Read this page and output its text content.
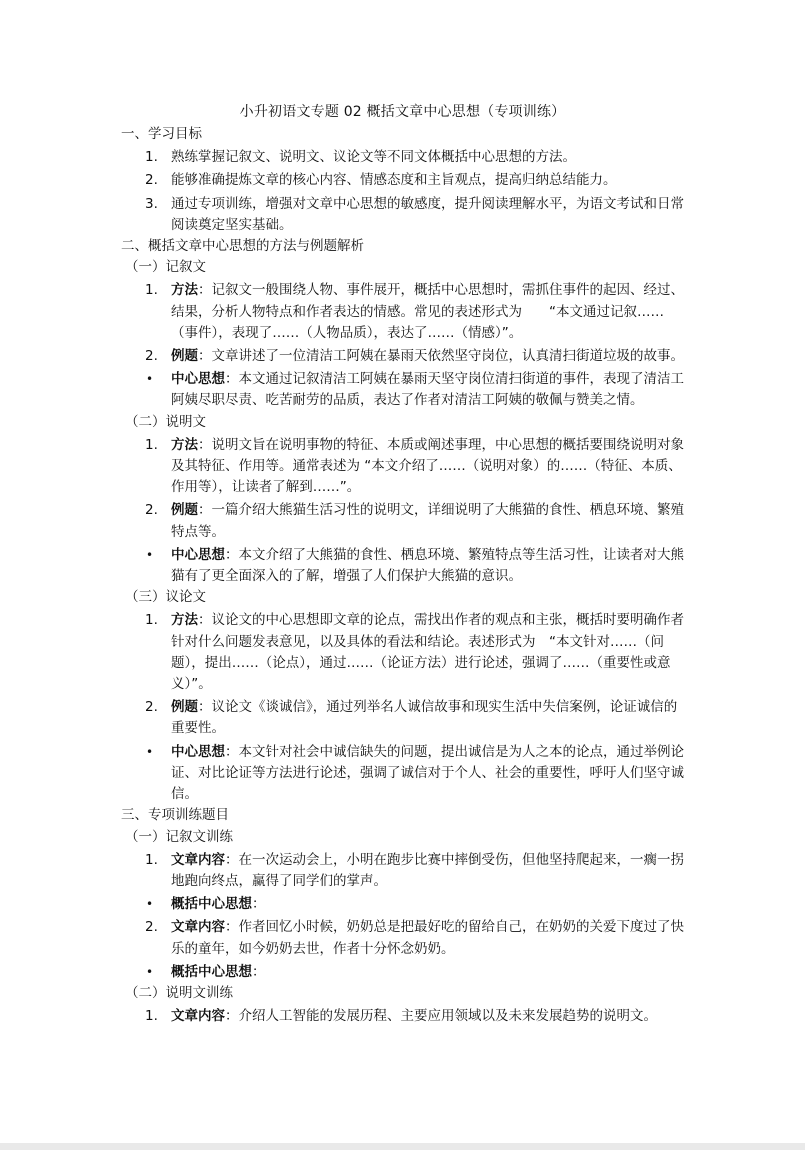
小升初语文专题 02 概括文章中心思想（专项训练）
一、学习目标
1. 熟练掌握记叙文、说明文、议论文等不同文体概括中心思想的方法。
2. 能够准确提炼文章的核心内容、情感态度和主旨观点，提高归纳总结能力。
3. 通过专项训练，增强对文章中心思想的敏感度，提升阅读理解水平，为语文考试和日常阅读奠定坚实基础。
二、概括文章中心思想的方法与例题解析
（一）记叙文
1. 方法：记叙文一般围绕人物、事件展开，概括中心思想时，需抓住事件的起因、经过、结果，分析人物特点和作者表达的情感。常见的表述形式为　　“本文通过记叙……（事件），表现了……（人物品质），表达了……（情感）”。
2. 例题：文章讲述了一位清洁工阿姨在暴雨天依然坚守岗位，认真清扫街道垃圾的故事。
•	中心思想：本文通过记叙清洁工阿姨在暴雨天坚守岗位清扫街道的事件，表现了清洁工阿姨尽职尽责、吃苦耐劳的品质，表达了作者对清洁工阿姨的敬佩与赞美之情。
（二）说明文
1. 方法：说明文旨在说明事物的特征、本质或阐述事理，中心思想的概括要围绕说明对象及其特征、作用等。通常表述为 “本文介绍了……（说明对象）的……（特征、本质、作用等），让读者了解到……”。
2. 例题：一篇介绍大熊猫生活习性的说明文，详细说明了大熊猫的食性、栖息环境、繁殖特点等。
•	中心思想：本文介绍了大熊猫的食性、栖息环境、繁殖特点等生活习性，让读者对大熊猫有了更全面深入的了解，增强了人们保护大熊猫的意识。
（三）议论文
1. 方法：议论文的中心思想即文章的论点，需找出作者的观点和主张，概括时要明确作者针对什么问题发表意见，以及具体的看法和结论。表述形式为　“本文针对……（问题），提出……（论点），通过……（论证方法）进行论述，强调了……（重要性或意义）”。
2. 例题：议论文《谈诚信》，通过列举名人诚信故事和现实生活中失信案例，论证诚信的重要性。
•	中心思想：本文针对社会中诚信缺失的问题，提出诚信是为人之本的论点，通过举例论证、对比论证等方法进行论述，强调了诚信对于个人、社会的重要性，呼吁人们坚守诚信。
三、专项训练题目
（一）记叙文训练
1. 文章内容：在一次运动会上，小明在跑步比赛中摔倒受伤，但他坚持爬起来，一瘸一拐地跑向终点，赢得了同学们的掌声。
•	概括中心思想：
2. 文章内容：作者回忆小时候，奶奶总是把最好吃的留给自己，在奶奶的关爱下度过了快乐的童年，如今奶奶去世，作者十分怀念奶奶。
•	概括中心思想：
（二）说明文训练
1. 文章内容：介绍人工智能的发展历程、主要应用领域以及未来发展趋势的说明文。
